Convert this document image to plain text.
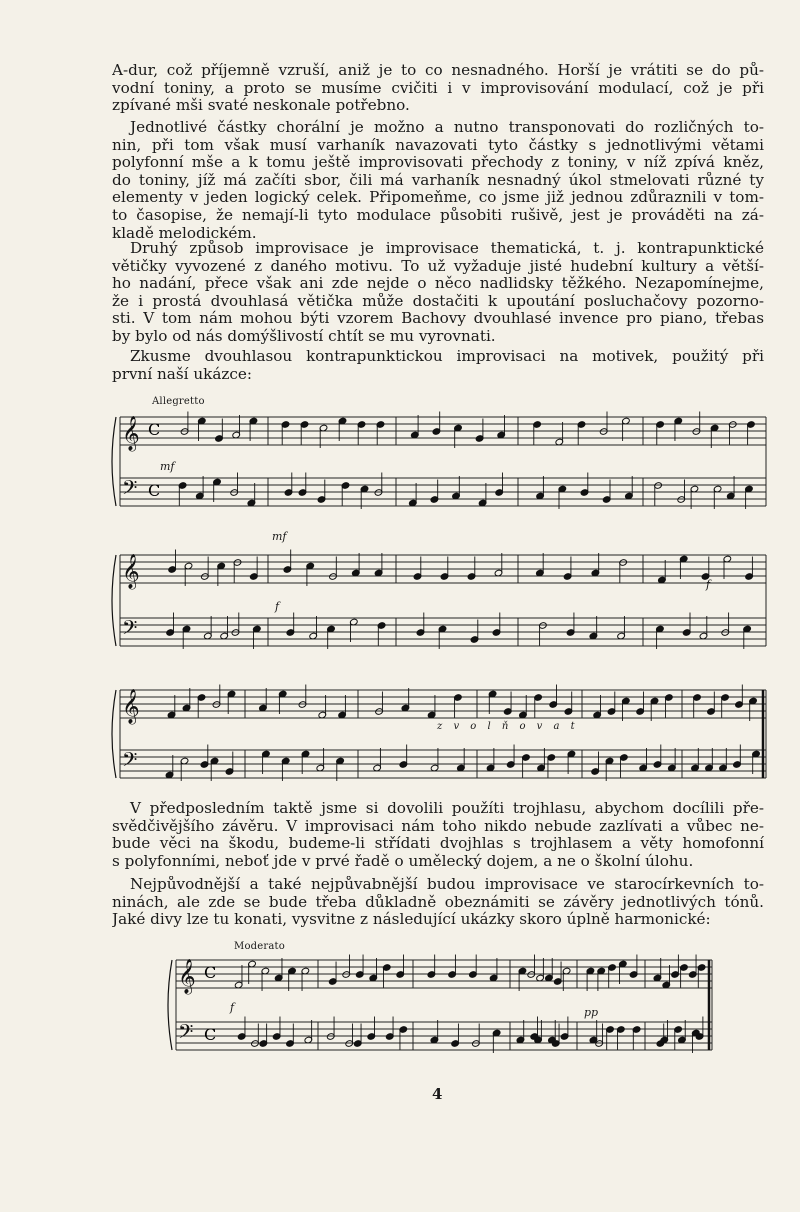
A-dur, což příjemně vzruší, aniž je to co nesnadného. Horší je vrátiti se do pů-
vodní toniny, a proto se musíme cvičiti i v improvisování modulací, což je při
zpívané mši svaté neskonale potřebno.
Jednotlivé částky chorální je možno a nutno transponovati do rozličných to-
nin, při tom však musí varhaník navazovati tyto částky s jednotlivými větami
polyfonní mše a k tomu ještě improvisovati přechody z toniny, v níž zpívá kněz,
do toniny, jíž má začíti sbor, čili má varhaník nesnadný úkol stmelovati různé ty
elementy v jeden logický celek. Připomeňme, co jsme již jednou zdůraznili v tom-
to časopise, že nemají-li tyto modulace působiti rušivě, jest je prováděti na zá-
kladě melodickém.
Druhý způsob improvisace je improvisace thematická, t. j. kontrapunktické
větičky vyvozené z daného motivu. To už vyžaduje jisté hudební kultury a větší-
ho nadání, přece však ani zde nejde o něco nadlidsky těžkého. Nezapomínejme,
že i prostá dvouhlasá větička může dostačiti k upoutání posluchačovy pozorno-
sti. V tom nám mohou býti vzorem Bachovy dvouhlasé invence pro piano, třebas
by bylo od nás domýšlivostí chtít se mu vyrovnati.
Zkusme dvouhlasou kontrapunktickou improvisaci na motivek, použitý při
první naší ukázce:
Allegretto
mf
mf
f
f
z v o l ň o v a t
V předposledním taktě jsme si dovolili použíti trojhlasu, abychom docílili pře-
svědčivějšího závěru. V improvisaci nám toho nikdo nebude zazlívati a vůbec ne-
bude věci na škodu, budeme-li střídati dvojhlas s trojhlasem a věty homofonní
s polyfonními, neboť jde v prvé řadě o umělecký dojem, a ne o školní úlohu.
Nejpůvodnější a také nejpůvabnější budou improvisace ve starocírkevních to-
ninách, ale zde se bude třeba důkladně obeznámiti se závěry jednotlivých tónů.
Jaké divy lze tu konati, vysvitne z následující ukázky skoro úplně harmonické:
Moderato
f	pp
𝄞
𝄢
C
C
𝄞
𝄢
𝄞
𝄢
𝄞
𝄢
C
C
4
